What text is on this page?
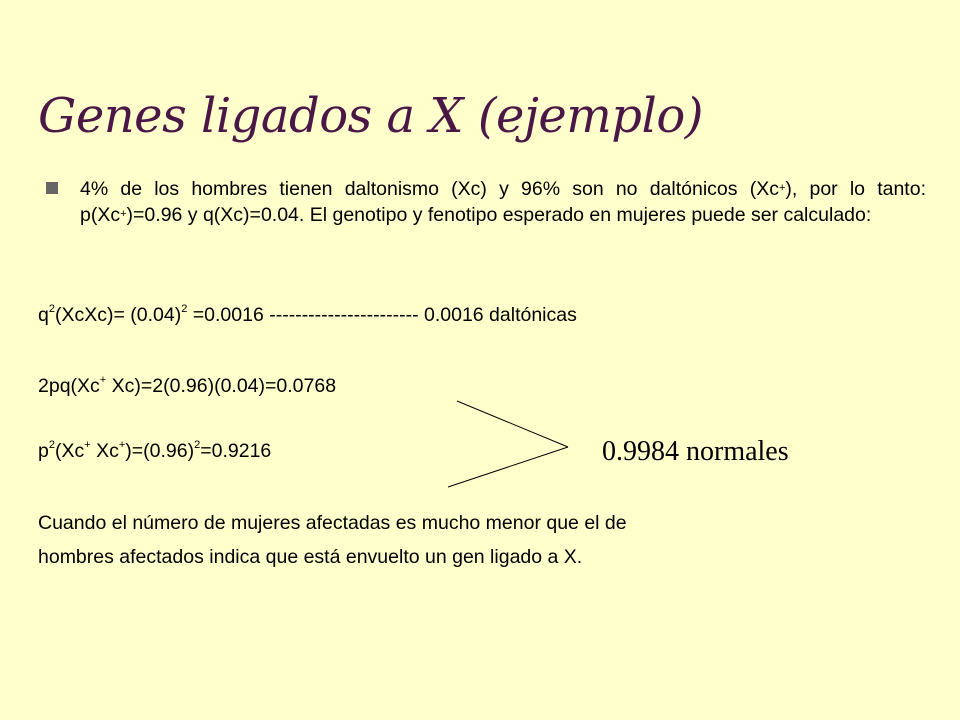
Genes ligados a X (ejemplo)
4% de los hombres tienen daltonismo (Xc) y 96% son no daltónicos (Xc+), por lo tanto: p(Xc+)=0.96 y q(Xc)=0.04. El genotipo y fenotipo esperado en mujeres puede ser calculado:
$q^2(XcXc)= (0.04)^2 =0.0016$ ----------------------- 0.0016 daltónicas
2pq(Xc+ Xc)=2(0.96)(0.04)=0.0768
$p^2(Xc^+$ $Xc^+)=(0.96)^2=0.9216$	0.9984 normales
Cuando el número de mujeres afectadas es mucho menor que el de
hombres afectados indica que está envuelto un gen ligado a X.
